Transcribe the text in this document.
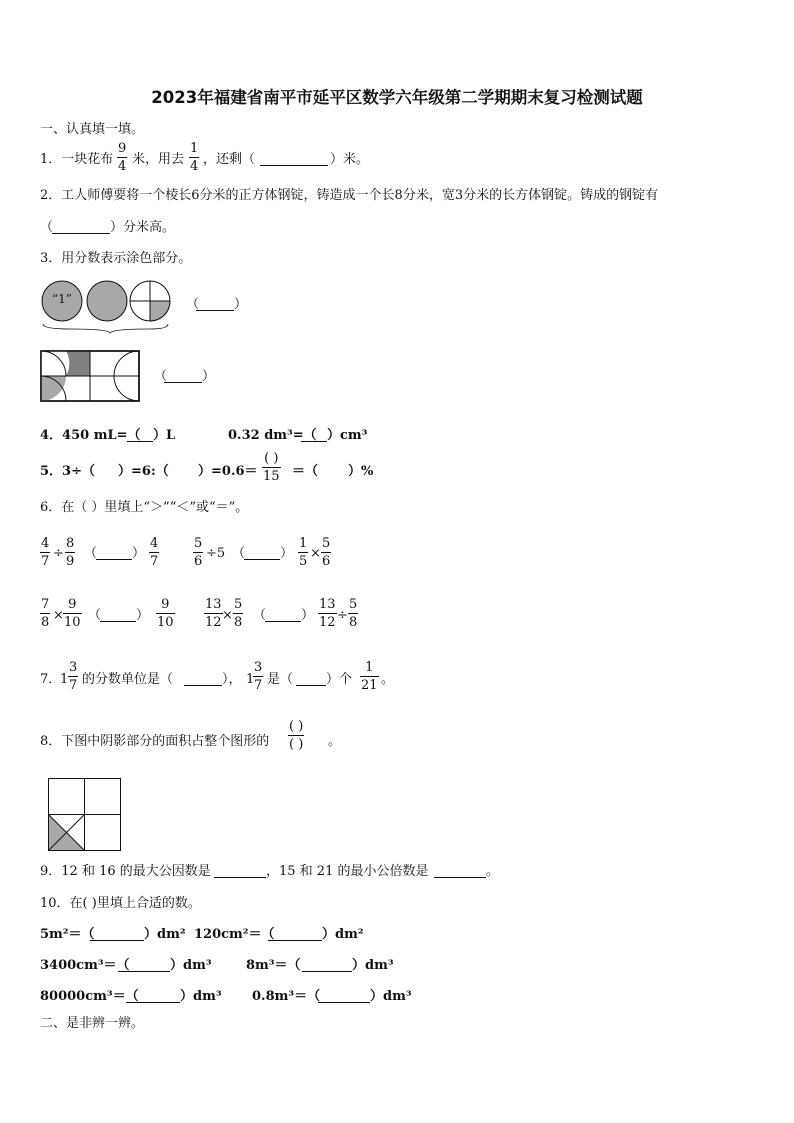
2023年福建省南平市延平区数学六年级第二学期期末复习检测试题
一、认真填一填。
1．一块花布 $\frac{9}{4}$ 米，用去 $\frac{1}{4}$ ，还剩（	）米。
2．工人师傅要将一个棱长6分米的正方体钢锭，铸造成一个长8分米，宽3分米的长方体钢锭。铸成的钢锭有
（	）分米高。
3．用分数表示涂色部分。
“1”	（	）
（	）
4．450 mL=（ ）L	0.32 dm³=（ ）cm³
5．3÷（ ）=6:（ ）=0.6＝
( )
15 ＝（ ）%
6．在（ ）里填上“＞”“＜”或“＝”。
$\frac{4}{7} \div \frac{8}{9}$ （	） $\frac{4}{7}$	$\frac{5}{6} \div 5$ （	） $\frac{1}{5} \times \frac{5}{6}$
$\frac{7}{8} \times \frac{9}{10}$ （	） $\frac{9}{10} \frac{13}{12} \times \frac{5}{8}$ （	） $\frac{13}{12} \div \frac{5}{8}$
7．
$1 \frac{3}{7}$ 的分数单位是（	）， 1
$\frac{3}{7}$ 是（	）个 $\frac{1}{21}$ 。
8．下图中阴影部分的面积占整个图形的
( )
( ) 。
9．12 和 16 的最大公因数是	，15 和 21 的最小公倍数是	。
10．在( )里填上合适的数。
5m²＝（	）dm² 120cm²＝（	）dm²
3400cm³＝（	）dm³	8m³＝（	）dm³
80000cm³＝（	）dm³ 0.8m³＝（	）dm³
二、是非辨一辨。
